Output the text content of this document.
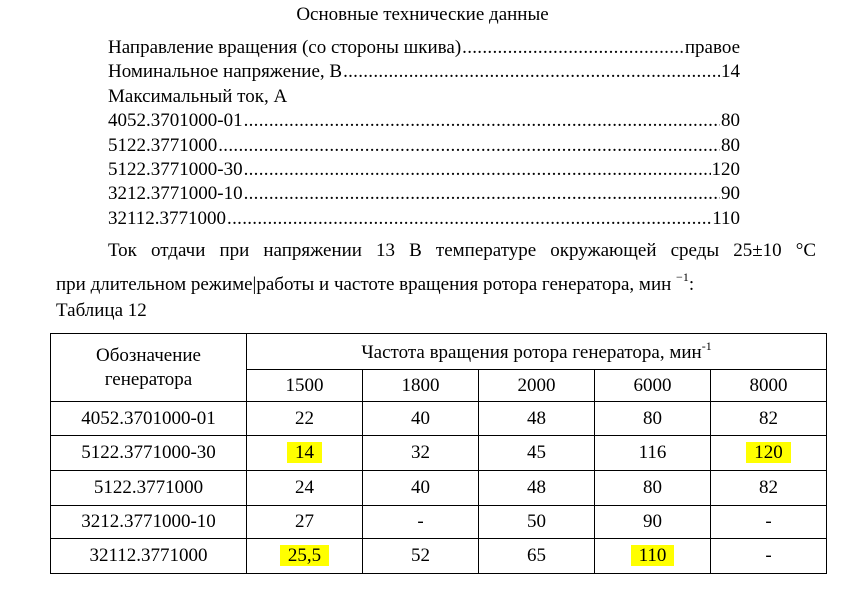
Основные технические данные
Направление вращения (со стороны шкива) .....	правое
Номинальное напряжение, В .....	14
Максимальный ток, А
4052.3701000-01 .....	80
5122.3771000 .....	80
5122.3771000-30 .....	120
3212.3771000-10 .....	90
32112.3771000 .....	110
Ток отдачи при напряжении 13 В температуре окружающей среды 25±10 °С
при длительном режиме|работы и частоте вращения ротора генератора, мин $^{-1}$:
Таблица 12
Обозначение
генератора	Частота вращения ротора генератора, мин$^{-1}$
	1500	1800	2000	6000	8000
4052.3701000-01	22	40	48	80	82
5122.3771000-30	14	32	45	116	120
5122.3771000	24	40	48	80	82
3212.3771000-10	27	-	50	90	-
32112.3771000	25,5	52	65	110	-
